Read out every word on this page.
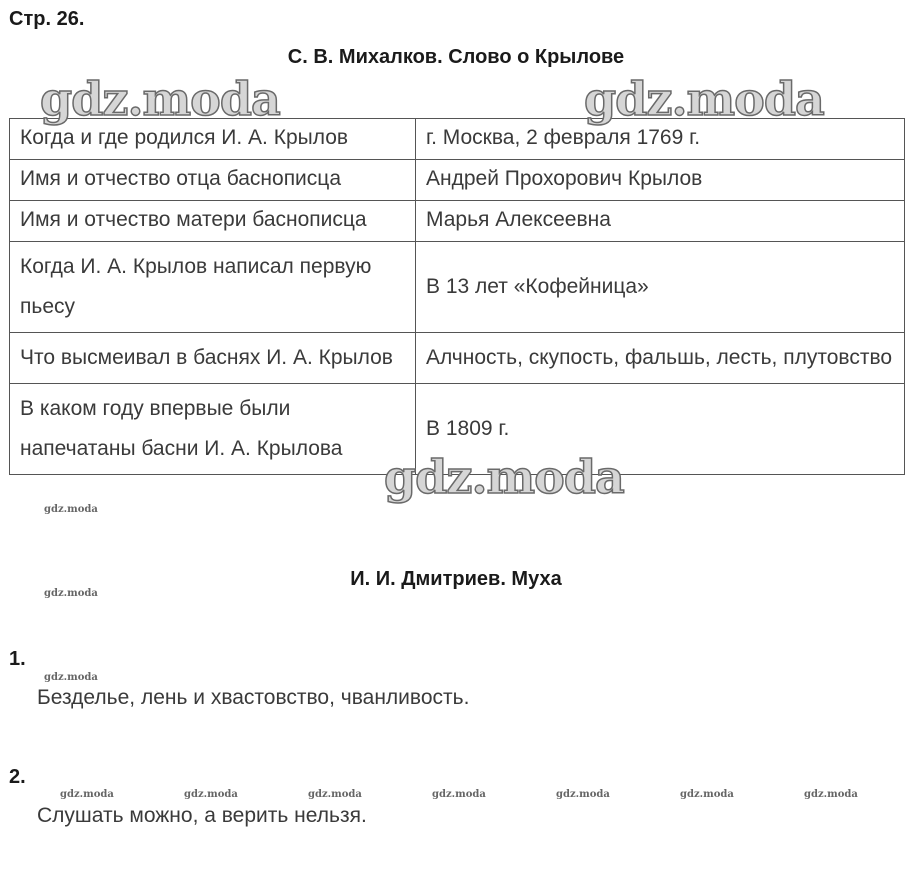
Стр. 26.
С. В. Михалков. Слово о Крылове
Когда и где родился И. А. Крылов	г. Москва, 2 февраля 1769 г.
Имя и отчество отца баснописца	Андрей Прохорович Крылов
Имя и отчество матери баснописца	Марья Алексеевна
Когда И. А. Крылов написал первую пьесу	В 13 лет «Кофейница»
Что высмеивал в баснях И. А. Крылов	Алчность, скупость, фальшь, лесть, плутовство
В каком году впервые были напечатаны басни И. А. Крылова	В 1809 г.
И. И. Дмитриев. Муха
1.
Безделье, лень и хвастовство, чванливость.
2.
Слушать можно, а верить нельзя.
gdz.moda	gdz.moda
gdz.moda
gdz.moda
gdz.moda
gdz.moda
gdz.moda	gdz.moda	gdz.moda	gdz.moda	gdz.moda	gdz.moda	gdz.moda
